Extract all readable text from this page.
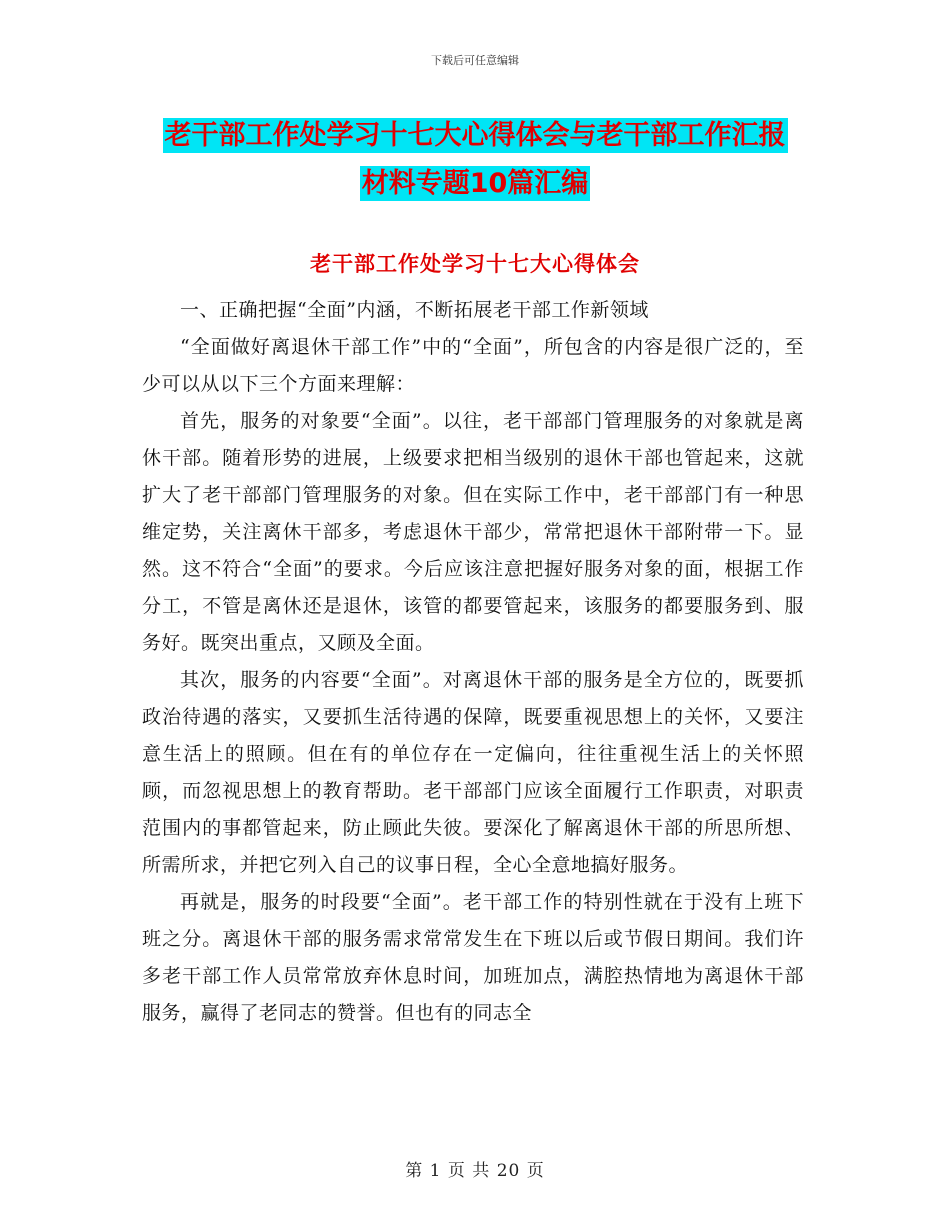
下载后可任意编辑
老干部工作处学习十七大心得体会与老干部工作汇报
材料专题10篇汇编
老干部工作处学习十七大心得体会

一、正确把握“全面”内涵，不断拓展老干部工作新领域

“全面做好离退休干部工作”中的“全面”，所包含的内容是很广泛的，至少可以从以下三个方面来理解：

首先，服务的对象要“全面”。以往，老干部部门管理服务的对象就是离休干部。随着形势的进展，上级要求把相当级别的退休干部也管起来，这就扩大了老干部部门管理服务的对象。但在实际工作中，老干部部门有一种思维定势，关注离休干部多，考虑退休干部少，常常把退休干部附带一下。显然。这不符合“全面”的要求。今后应该注意把握好服务对象的面，根据工作分工，不管是离休还是退休，该管的都要管起来，该服务的都要服务到、服务好。既突出重点，又顾及全面。

其次，服务的内容要“全面”。对离退休干部的服务是全方位的，既要抓政治待遇的落实，又要抓生活待遇的保障，既要重视思想上的关怀，又要注意生活上的照顾。但在有的单位存在一定偏向，往往重视生活上的关怀照顾，而忽视思想上的教育帮助。老干部部门应该全面履行工作职责，对职责范围内的事都管起来，防止顾此失彼。要深化了解离退休干部的所思所想、所需所求，并把它列入自己的议事日程，全心全意地搞好服务。

再就是，服务的时段要“全面”。老干部工作的特别性就在于没有上班下班之分。离退休干部的服务需求常常发生在下班以后或节假日期间。我们许多老干部工作人员常常放弃休息时间，加班加点，满腔热情地为离退休干部服务，赢得了老同志的赞誉。但也有的同志全

第 1 页 共 20 页
